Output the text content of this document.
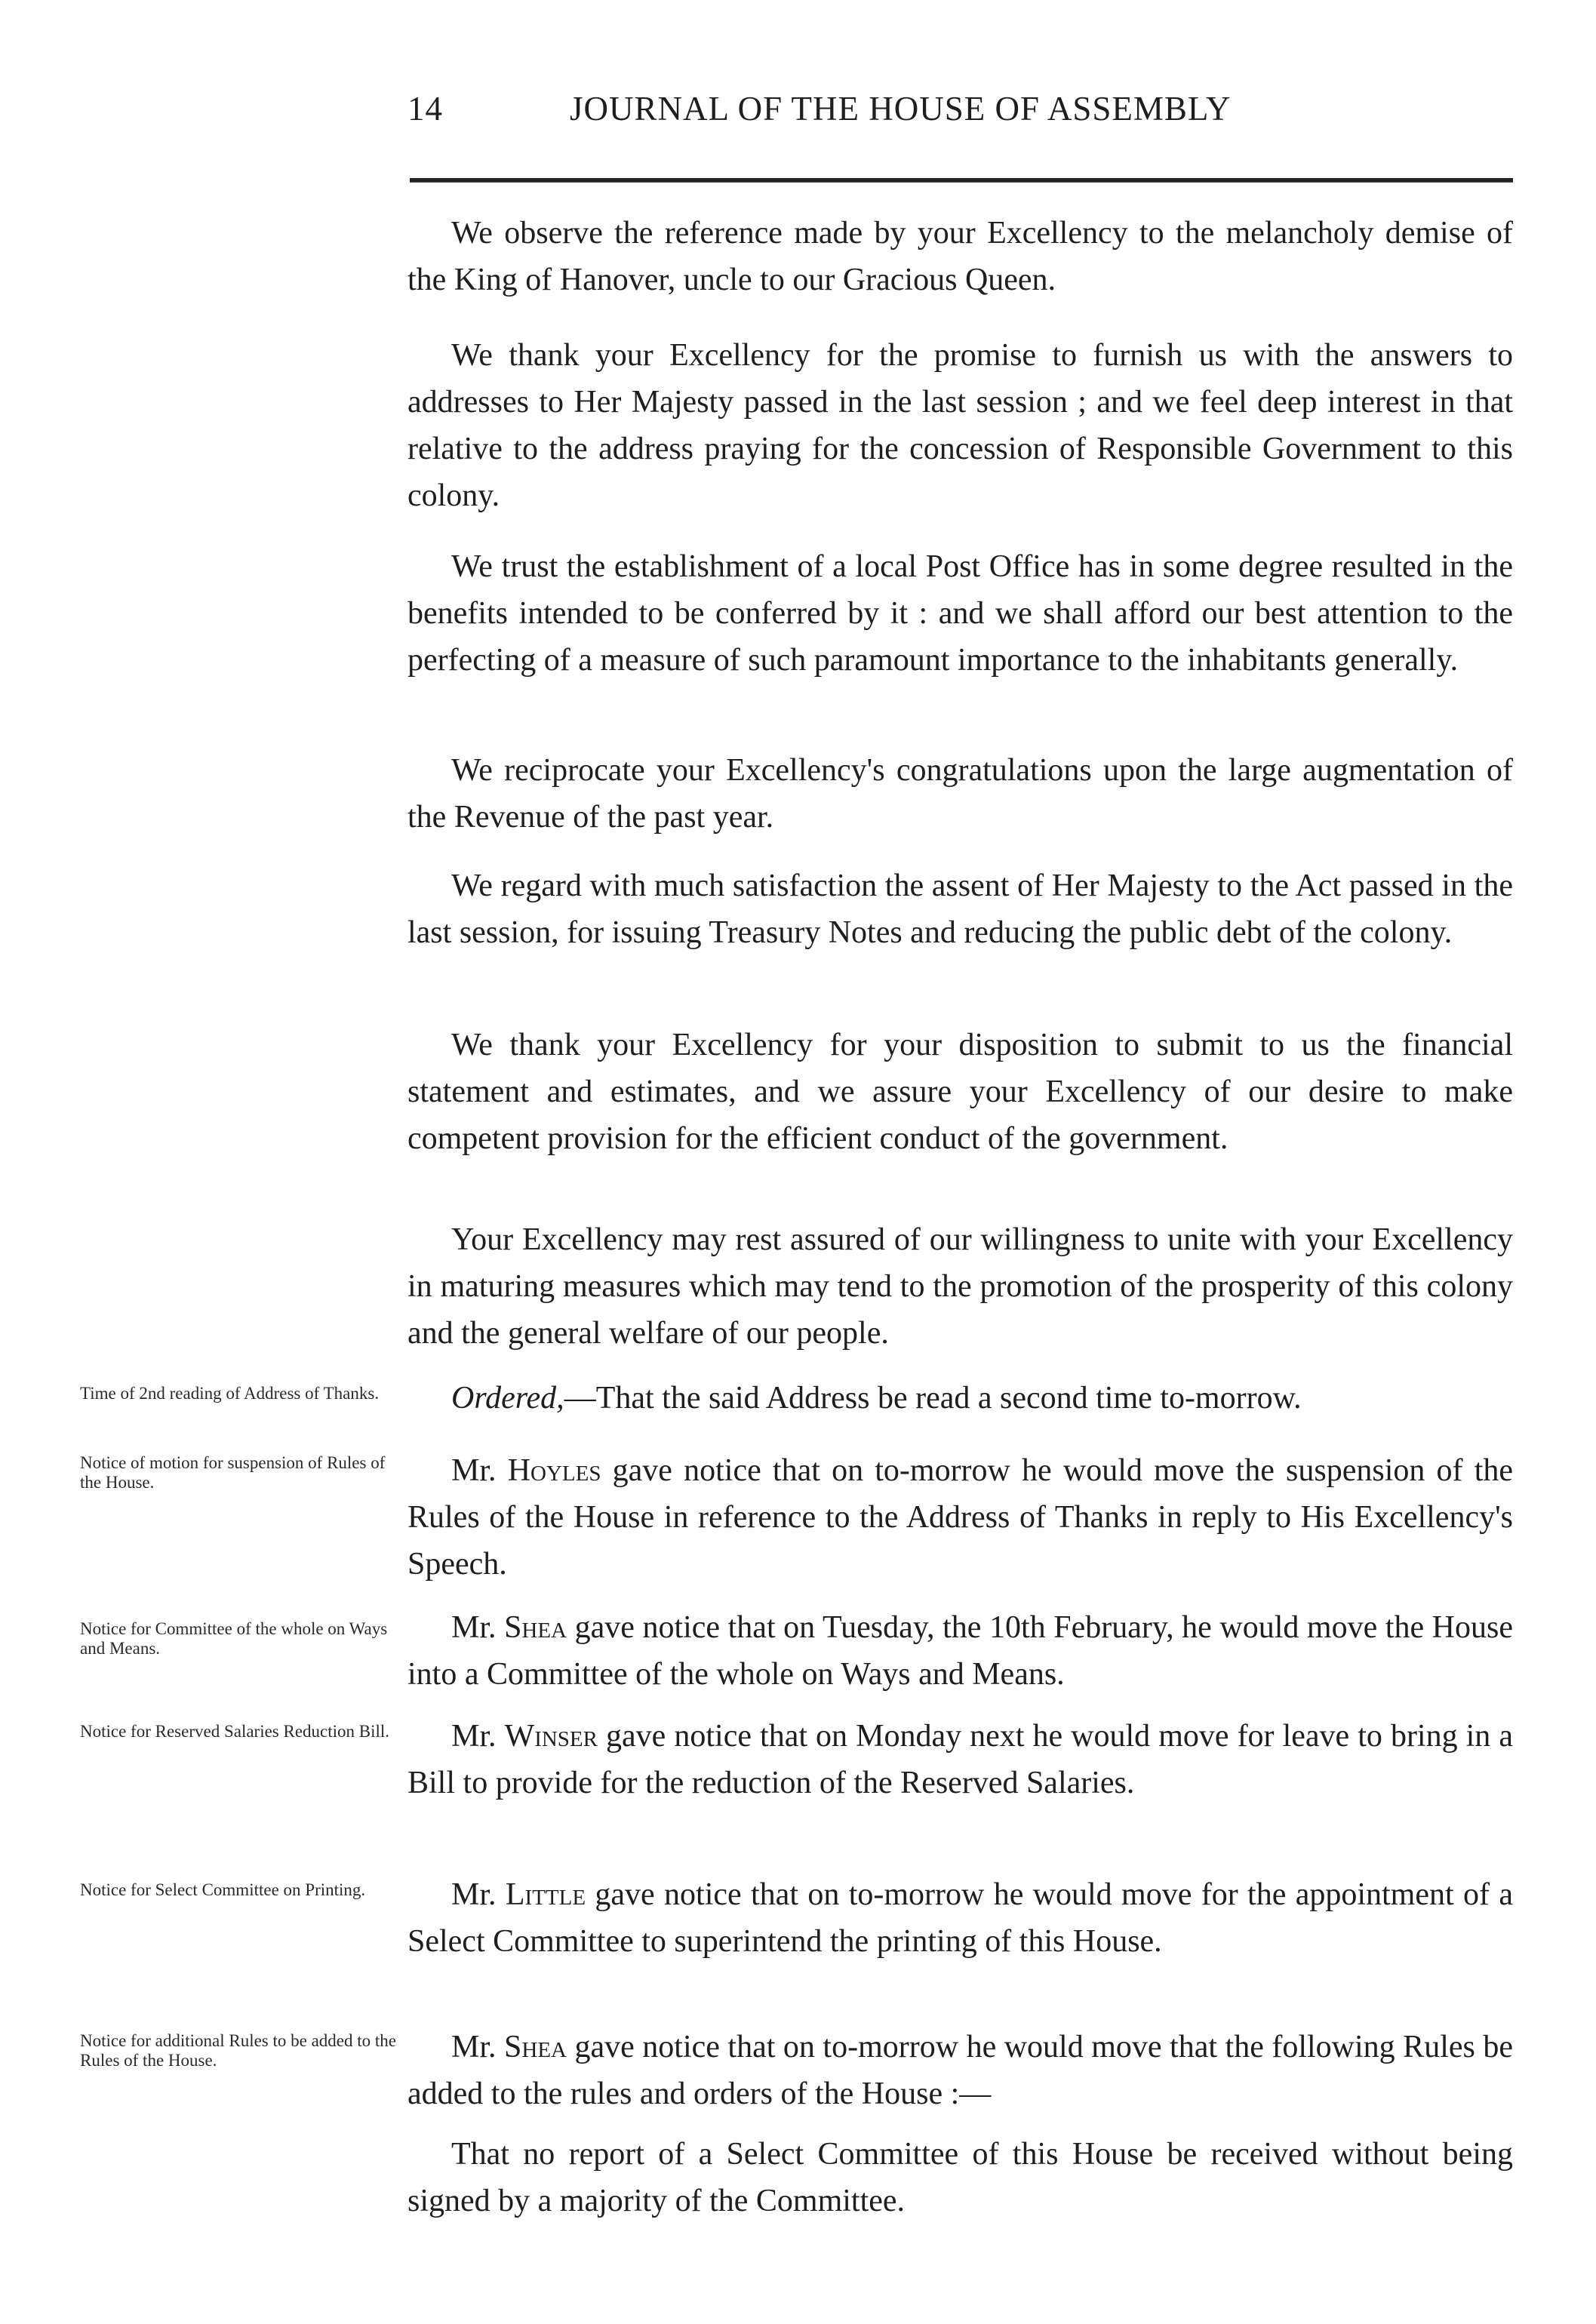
14	JOURNAL OF THE HOUSE OF ASSEMBLY

We observe the reference made by your Excellency to the melancholy demise of the King of Hanover, uncle to our Gracious Queen.

We thank your Excellency for the promise to furnish us with the answers to addresses to Her Majesty passed in the last session ; and we feel deep interest in that relative to the address praying for the concession of Responsible Government to this colony.

We trust the establishment of a local Post Office has in some degree resulted in the benefits intended to be conferred by it : and we shall afford our best attention to the perfecting of a measure of such paramount importance to the inhabitants generally.

We reciprocate your Excellency's congratulations upon the large augmentation of the Revenue of the past year.

We regard with much satisfaction the assent of Her Majesty to the Act passed in the last session, for issuing Treasury Notes and reducing the public debt of the colony.

We thank your Excellency for your disposition to submit to us the financial statement and estimates, and we assure your Excellency of our desire to make competent provision for the efficient conduct of the government.

Your Excellency may rest assured of our willingness to unite with your Excellency in maturing measures which may tend to the promotion of the prosperity of this colony and the general welfare of our people.

Time of 2nd reading of Address of Thanks.	Ordered,—That the said Address be read a second time to-morrow.

Notice of motion for suspension of Rules of the House.	Mr. Hoyles gave notice that on to-morrow he would move the suspension of the Rules of the House in reference to the Address of Thanks in reply to His Excellency's Speech.

Notice for Committee of the whole on Ways and Means.

Mr. Shea gave notice that on Tuesday, the 10th February, he would move the House into a Committee of the whole on Ways and Means.

Notice for Reserved Salaries Reduction Bill.	Mr. Winser gave notice that on Monday next he would move for leave to bring in a Bill to provide for the reduction of the Reserved Salaries.

Notice for Select Committee on Printing.	Mr. Little gave notice that on to-morrow he would move for the appointment of a Select Committee to superintend the printing of this House.

Notice for additional Rules to be added to the Rules of the House.	Mr. Shea gave notice that on to-morrow he would move that the following Rules be added to the rules and orders of the House :—

That no report of a Select Committee of this House be received without being signed by a majority of the Committee.
